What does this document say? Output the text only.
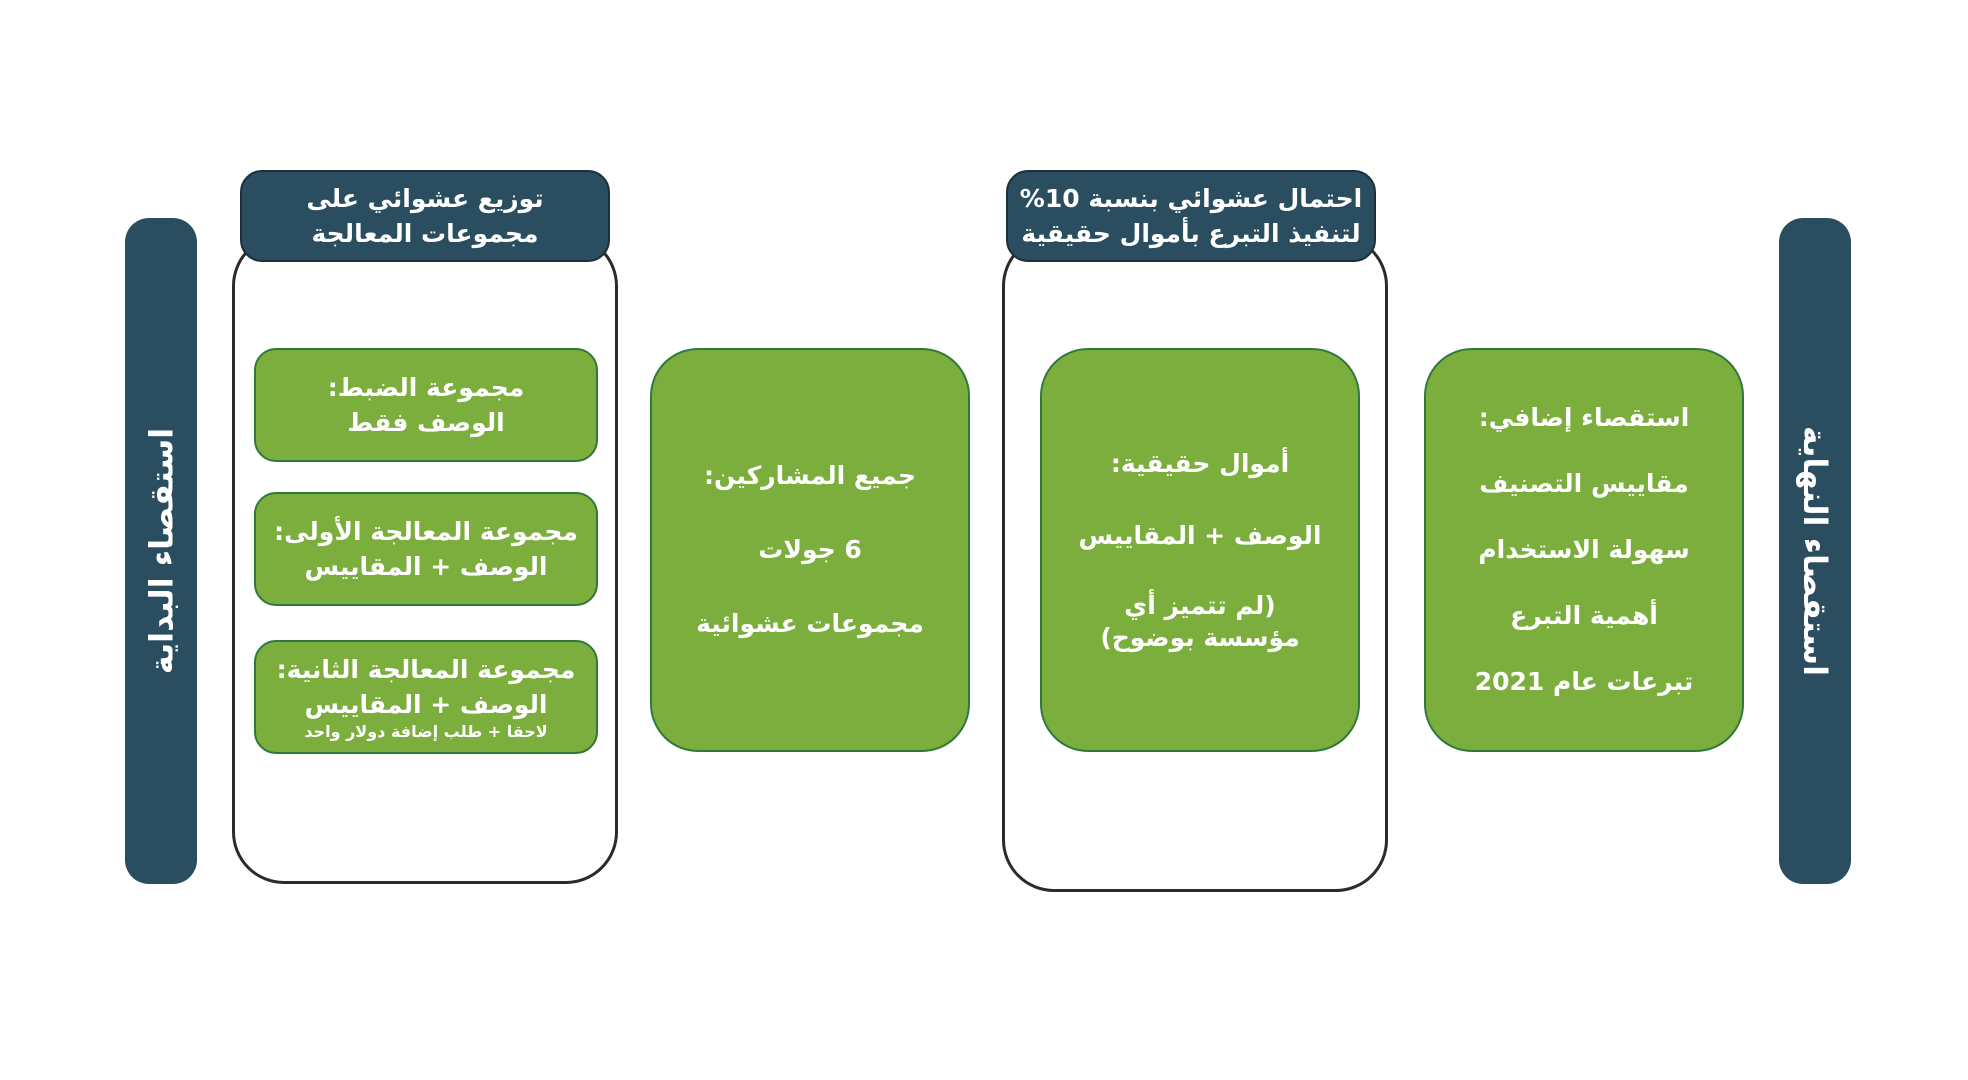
استقصاء البداية	استقصاء النهاية
توزيع عشوائي على
مجموعات المعالجة
مجموعة الضبط:
الوصف فقط
مجموعة المعالجة الأولى:
الوصف + المقاييس
مجموعة المعالجة الثانية:
الوصف + المقاييس
لاحقا + طلب إضافة دولار واحد
جميع المشاركين:
6 جولات
مجموعات عشوائية
احتمال عشوائي بنسبة 10%
لتنفيذ التبرع بأموال حقيقية
أموال حقيقية:
الوصف + المقاييس
(لم تتميز أي
مؤسسة بوضوح)
استقصاء إضافي:
مقاييس التصنيف
سهولة الاستخدام
أهمية التبرع
تبرعات عام 2021
